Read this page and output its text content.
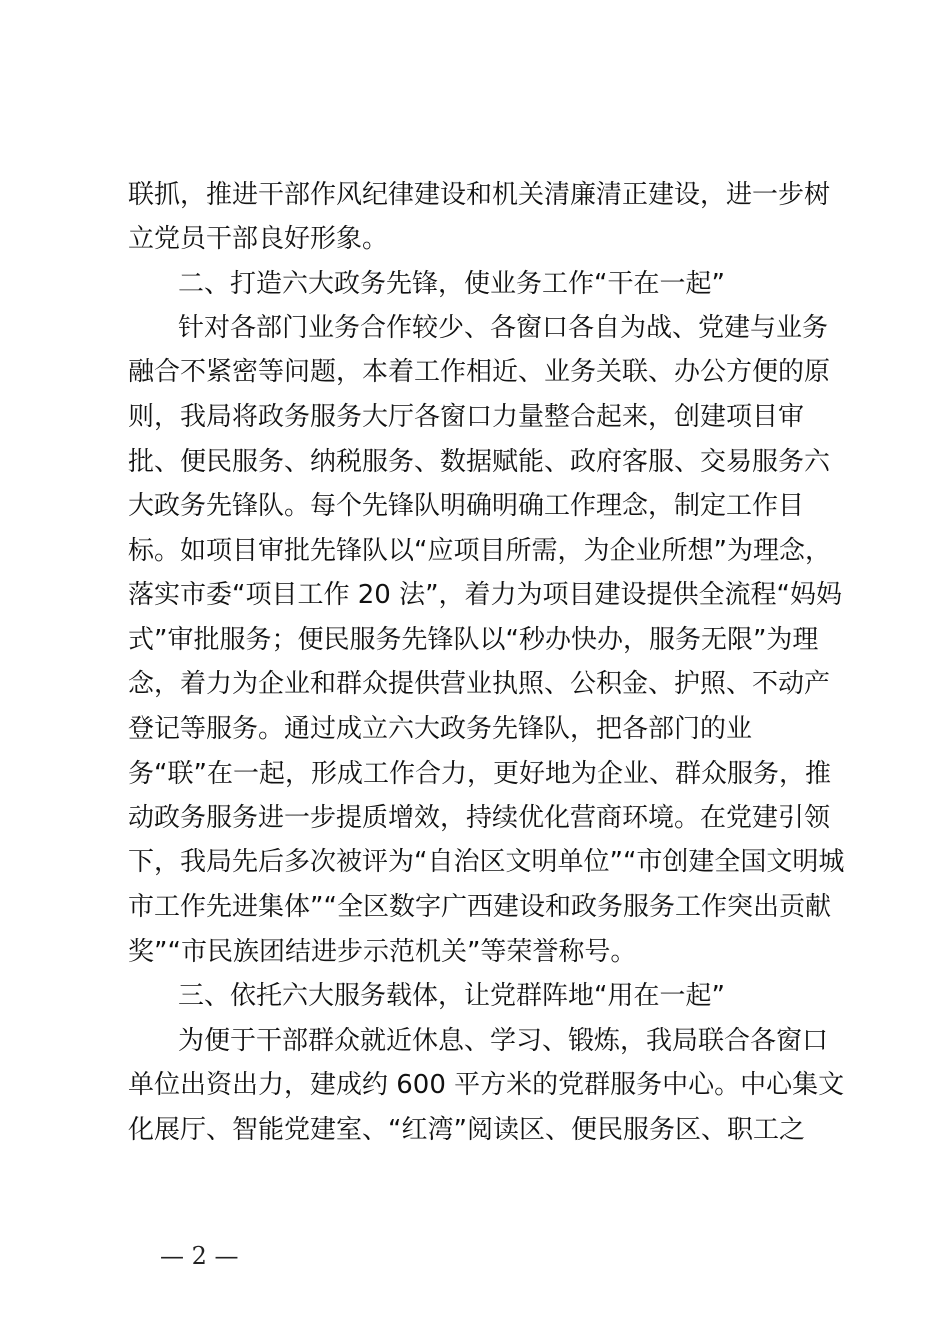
联抓，推进干部作风纪律建设和机关清廉清正建设，进一步树
立党员干部良好形象。
二、打造六大政务先锋，使业务工作“干在一起”
针对各部门业务合作较少、各窗口各自为战、党建与业务
融合不紧密等问题，本着工作相近、业务关联、办公方便的原
则，我局将政务服务大厅各窗口力量整合起来，创建项目审
批、便民服务、纳税服务、数据赋能、政府客服、交易服务六
大政务先锋队。每个先锋队明确明确工作理念，制定工作目
标。如项目审批先锋队以“应项目所需，为企业所想”为理念，
落实市委“项目工作 20 法”，着力为项目建设提供全流程“妈妈
式”审批服务；便民服务先锋队以“秒办快办，服务无限”为理
念，着力为企业和群众提供营业执照、公积金、护照、不动产
登记等服务。通过成立六大政务先锋队，把各部门的业
务“联”在一起，形成工作合力，更好地为企业、群众服务，推
动政务服务进一步提质增效，持续优化营商环境。在党建引领
下，我局先后多次被评为“自治区文明单位”“市创建全国文明城
市工作先进集体”“全区数字广西建设和政务服务工作突出贡献
奖”“市民族团结进步示范机关”等荣誉称号。
三、依托六大服务载体，让党群阵地“用在一起”
为便于干部群众就近休息、学习、锻炼，我局联合各窗口
单位出资出力，建成约 600 平方米的党群服务中心。中心集文
化展厅、智能党建室、“红湾”阅读区、便民服务区、职工之
— 2 —
